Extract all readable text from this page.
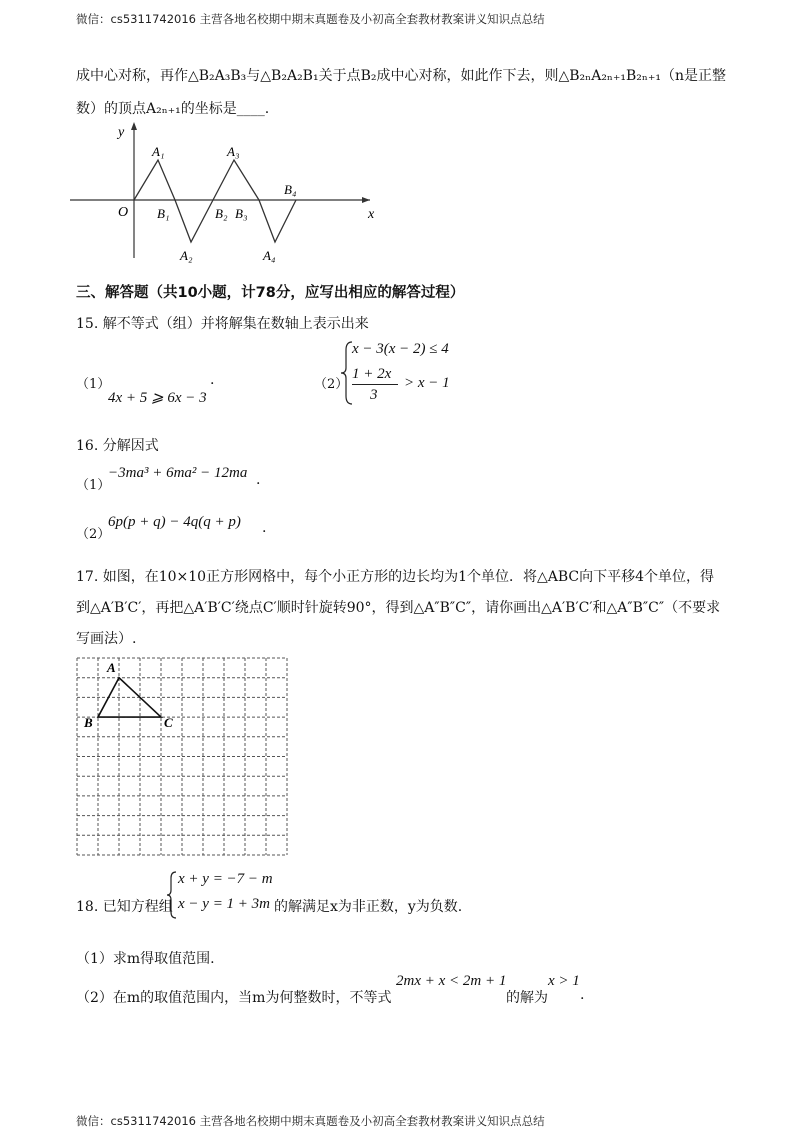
微信：cs5311742016 主营各地名校期中期末真题卷及小初高全套教材教案讲义知识点总结
成中心对称，再作△B₂A₃B₃与△B₂A₂B₁关于点B₂成中心对称，如此作下去，则△B₂ₙA₂ₙ₊₁B₂ₙ₊₁（n是正整
数）的顶点A₂ₙ₊₁的坐标是____.
y
x
O
A₁
A₂
A₃
A₄
B₁	B₂ B₃
B₄
三、解答题（共10小题，计78分，应写出相应的解答过程）
15. 解不等式（组）并将解集在数轴上表示出来
（1）
4x + 5 ⩾ 6x − 3
.	（2）
x − 3(x − 2) ≤ 4
1 + 2x
3
> x − 1
16. 分解因式
（1）
−3ma³ + 6ma² − 12ma .
（2）
6p(p + q) − 4q(q + p) .
17. 如图，在10×10正方形网格中，每个小正方形的边长均为1个单位．将△ABC向下平移4个单位，得
到△A′B′C′，再把△A′B′C′绕点C′顺时针旋转90°，得到△A″B″C″，请你画出△A′B′C′和△A″B″C″（不要求
写画法）.
A
B	C
18. 已知方程组
x + y = −7 − m
x − y = 1 + 3m 的解满足x为非正数，y为负数.
（1）求m得取值范围.
（2）在m的取值范围内，当m为何整数时，不等式
2mx + x < 2m + 1
的解为
x > 1
.
微信：cs5311742016 主营各地名校期中期末真题卷及小初高全套教材教案讲义知识点总结
